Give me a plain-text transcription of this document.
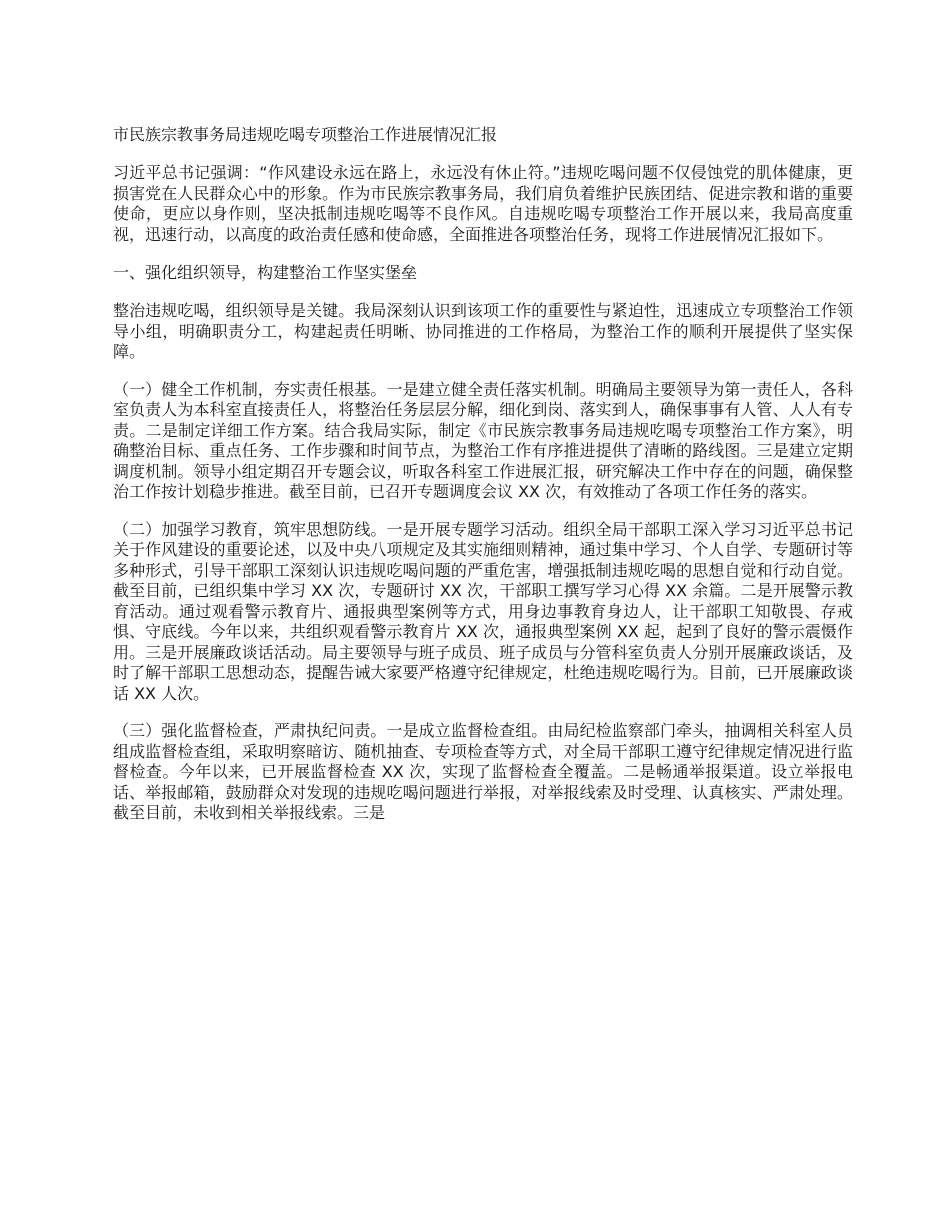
市民族宗教事务局违规吃喝专项整治工作进展情况汇报

习近平总书记强调：“作风建设永远在路上，永远没有休止符。”违规吃喝问题不仅侵蚀党的肌体健康，更损害党在人民群众心中的形象。作为市民族宗教事务局，我们肩负着维护民族团结、促进宗教和谐的重要使命，更应以身作则，坚决抵制违规吃喝等不良作风。自违规吃喝专项整治工作开展以来，我局高度重视，迅速行动，以高度的政治责任感和使命感，全面推进各项整治任务，现将工作进展情况汇报如下。

一、强化组织领导，构建整治工作坚实堡垒

整治违规吃喝，组织领导是关键。我局深刻认识到该项工作的重要性与紧迫性，迅速成立专项整治工作领导小组，明确职责分工，构建起责任明晰、协同推进的工作格局，为整治工作的顺利开展提供了坚实保障。

（一）健全工作机制，夯实责任根基。一是建立健全责任落实机制。明确局主要领导为第一责任人，各科室负责人为本科室直接责任人，将整治任务层层分解，细化到岗、落实到人，确保事事有人管、人人有专责。二是制定详细工作方案。结合我局实际，制定《市民族宗教事务局违规吃喝专项整治工作方案》，明确整治目标、重点任务、工作步骤和时间节点，为整治工作有序推进提供了清晰的路线图。三是建立定期调度机制。领导小组定期召开专题会议，听取各科室工作进展汇报，研究解决工作中存在的问题，确保整治工作按计划稳步推进。截至目前，已召开专题调度会议 XX 次，有效推动了各项工作任务的落实。

（二）加强学习教育，筑牢思想防线。一是开展专题学习活动。组织全局干部职工深入学习习近平总书记关于作风建设的重要论述，以及中央八项规定及其实施细则精神，通过集中学习、个人自学、专题研讨等多种形式，引导干部职工深刻认识违规吃喝问题的严重危害，增强抵制违规吃喝的思想自觉和行动自觉。截至目前，已组织集中学习 XX 次，专题研讨 XX 次，干部职工撰写学习心得 XX 余篇。二是开展警示教育活动。通过观看警示教育片、通报典型案例等方式，用身边事教育身边人，让干部职工知敬畏、存戒惧、守底线。今年以来，共组织观看警示教育片 XX 次，通报典型案例 XX 起，起到了良好的警示震慑作用。三是开展廉政谈话活动。局主要领导与班子成员、班子成员与分管科室负责人分别开展廉政谈话，及时了解干部职工思想动态，提醒告诫大家要严格遵守纪律规定，杜绝违规吃喝行为。目前，已开展廉政谈话 XX 人次。

（三）强化监督检查，严肃执纪问责。一是成立监督检查组。由局纪检监察部门牵头，抽调相关科室人员组成监督检查组，采取明察暗访、随机抽查、专项检查等方式，对全局干部职工遵守纪律规定情况进行监督检查。今年以来，已开展监督检查 XX 次，实现了监督检查全覆盖。二是畅通举报渠道。设立举报电话、举报邮箱，鼓励群众对发现的违规吃喝问题进行举报，对举报线索及时受理、认真核实、严肃处理。截至目前，未收到相关举报线索。三是
